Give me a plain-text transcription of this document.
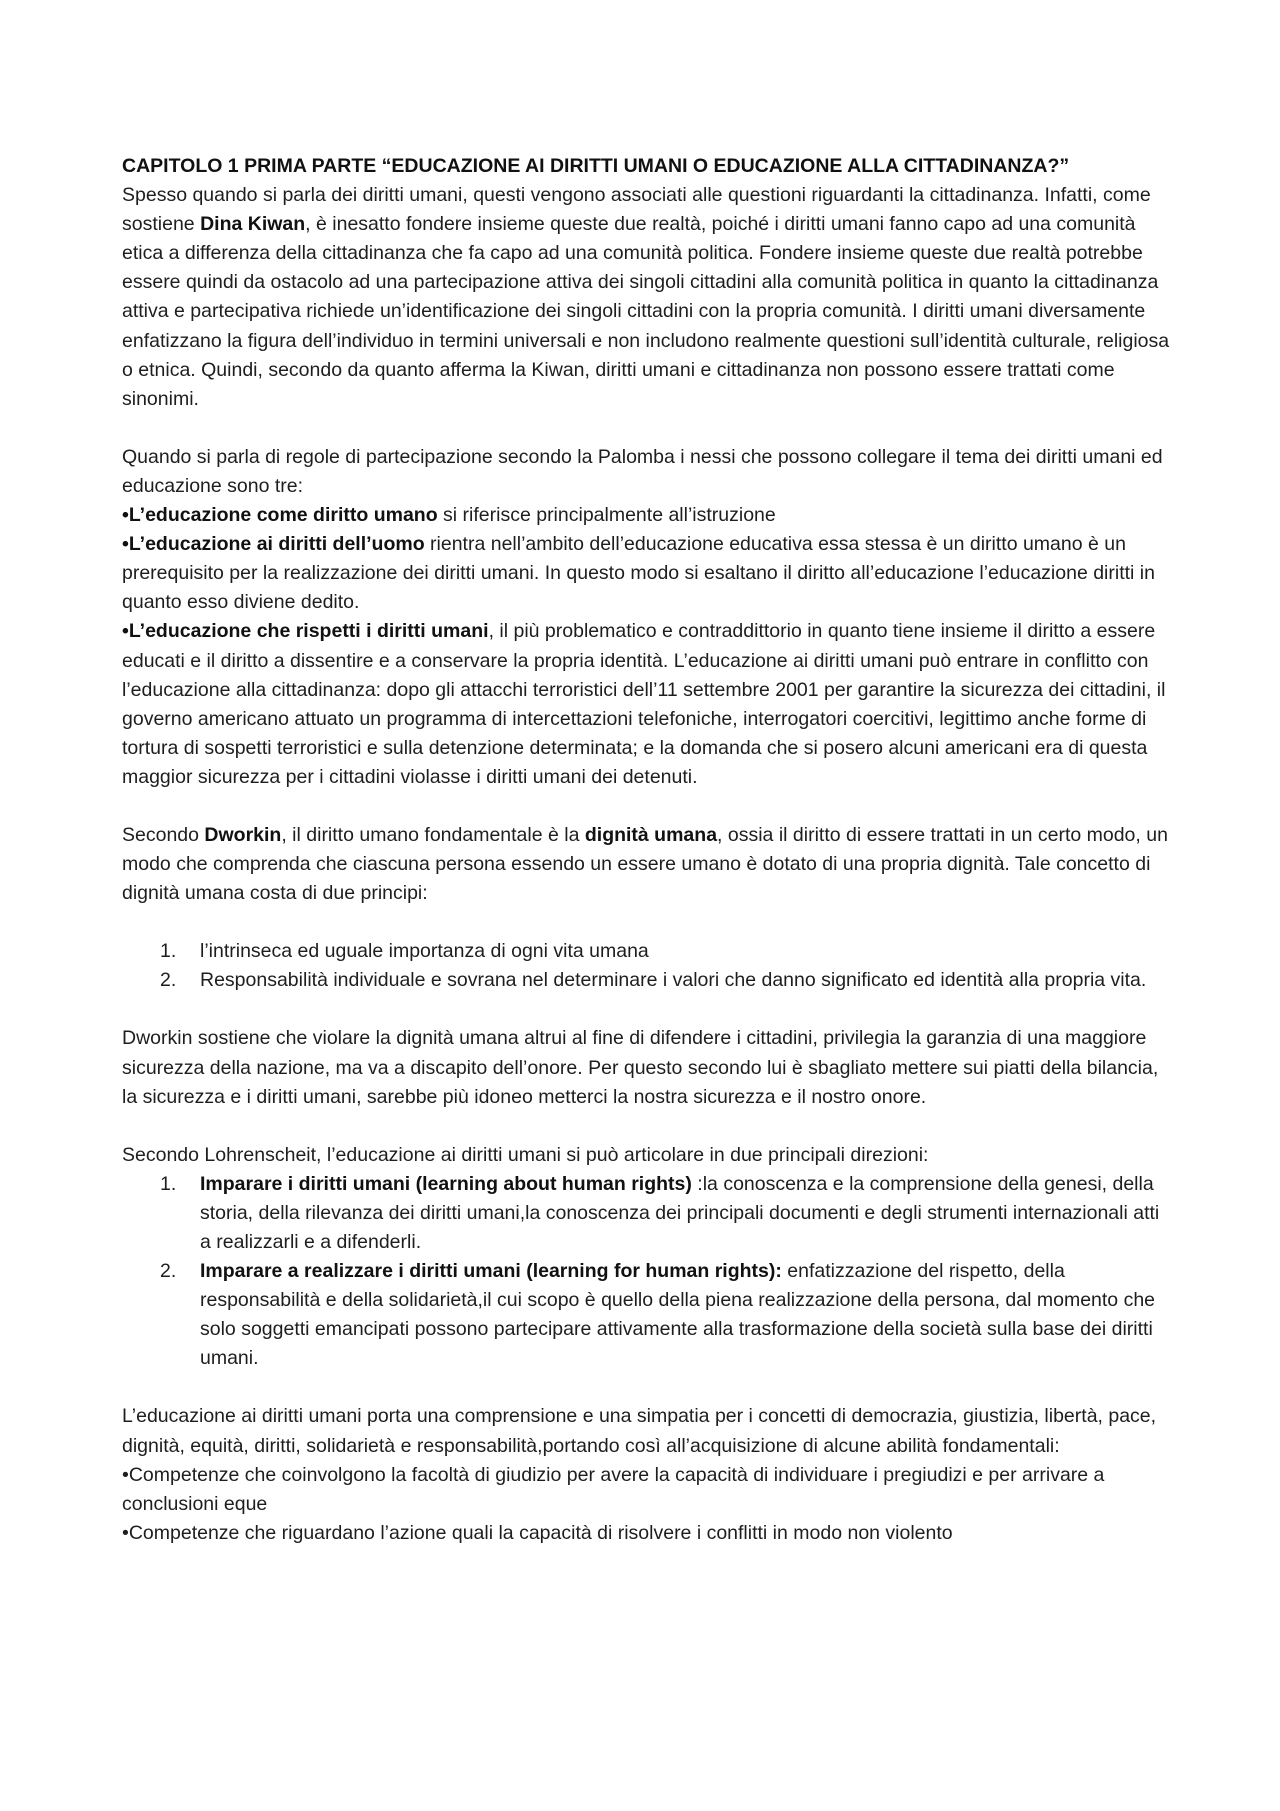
CAPITOLO 1 PRIMA PARTE “EDUCAZIONE AI DIRITTI UMANI O EDUCAZIONE ALLA CITTADINANZA?”

Spesso quando si parla dei diritti umani, questi vengono associati alle questioni riguardanti la cittadinanza. Infatti, come sostiene Dina Kiwan, è inesatto fondere insieme queste due realtà, poiché i diritti umani fanno capo ad una comunità etica a differenza della cittadinanza che fa capo ad una comunità politica. Fondere insieme queste due realtà potrebbe essere quindi da ostacolo ad una partecipazione attiva dei singoli cittadini alla comunità politica in quanto la cittadinanza attiva e partecipativa richiede un’identificazione dei singoli cittadini con la propria comunità. I diritti umani diversamente enfatizzano la figura dell’individuo in termini universali e non includono realmente questioni sull’identità culturale, religiosa o etnica. Quindi, secondo da quanto afferma la Kiwan, diritti umani e cittadinanza non possono essere trattati come sinonimi.

Quando si parla di regole di partecipazione secondo la Palomba i nessi che possono collegare il tema dei diritti umani ed educazione sono tre:

•L’educazione come diritto umano si riferisce principalmente all’istruzione

•L’educazione ai diritti dell’uomo rientra nell’ambito dell’educazione educativa essa stessa è un diritto umano è un prerequisito per la realizzazione dei diritti umani. In questo modo si esaltano il diritto all’educazione l’educazione diritti in quanto esso diviene dedito.

•L’educazione che rispetti i diritti umani, il più problematico e contraddittorio in quanto tiene insieme il diritto a essere educati e il diritto a dissentire e a conservare la propria identità. L’educazione ai diritti umani può entrare in conflitto con l’educazione alla cittadinanza: dopo gli attacchi terroristici dell’11 settembre 2001 per garantire la sicurezza dei cittadini, il governo americano attuato un programma di intercettazioni telefoniche, interrogatori coercitivi, legittimo anche forme di tortura di sospetti terroristici e sulla detenzione determinata; e la domanda che si posero alcuni americani era di questa maggior sicurezza per i cittadini violasse i diritti umani dei detenuti.

Secondo Dworkin, il diritto umano fondamentale è la dignità umana, ossia il diritto di essere trattati in un certo modo, un modo che comprenda che ciascuna persona essendo un essere umano è dotato di una propria dignità. Tale concetto di dignità umana costa di due principi:

1. l’intrinseca ed uguale importanza di ogni vita umana
2. Responsabilità individuale e sovrana nel determinare i valori che danno significato ed identità alla propria vita.

Dworkin sostiene che violare la dignità umana altrui al fine di difendere i cittadini, privilegia la garanzia di una maggiore sicurezza della nazione, ma va a discapito dell’onore. Per questo secondo lui è sbagliato mettere sui piatti della bilancia, la sicurezza e i diritti umani, sarebbe più idoneo metterci la nostra sicurezza e il nostro onore.

Secondo Lohrenscheit, l’educazione ai diritti umani si può articolare in due principali direzioni:

1. Imparare i diritti umani (learning about human rights) :la conoscenza e la comprensione della genesi, della storia, della rilevanza dei diritti umani,la conoscenza dei principali documenti e degli strumenti internazionali atti a realizzarli e a difenderli.
2. Imparare a realizzare i diritti umani (learning for human rights): enfatizzazione del rispetto, della responsabilità e della solidarietà,il cui scopo è quello della piena realizzazione della persona, dal momento che solo soggetti emancipati possono partecipare attivamente alla trasformazione della società sulla base dei diritti umani.

L’educazione ai diritti umani porta una comprensione e una simpatia per i concetti di democrazia, giustizia, libertà, pace, dignità, equità, diritti, solidarietà e responsabilità,portando così all’acquisizione di alcune abilità fondamentali:

•Competenze che coinvolgono la facoltà di giudizio per avere la capacità di individuare i pregiudizi e per arrivare a conclusioni eque

•Competenze che riguardano l’azione quali la capacità di risolvere i conflitti in modo non violento
